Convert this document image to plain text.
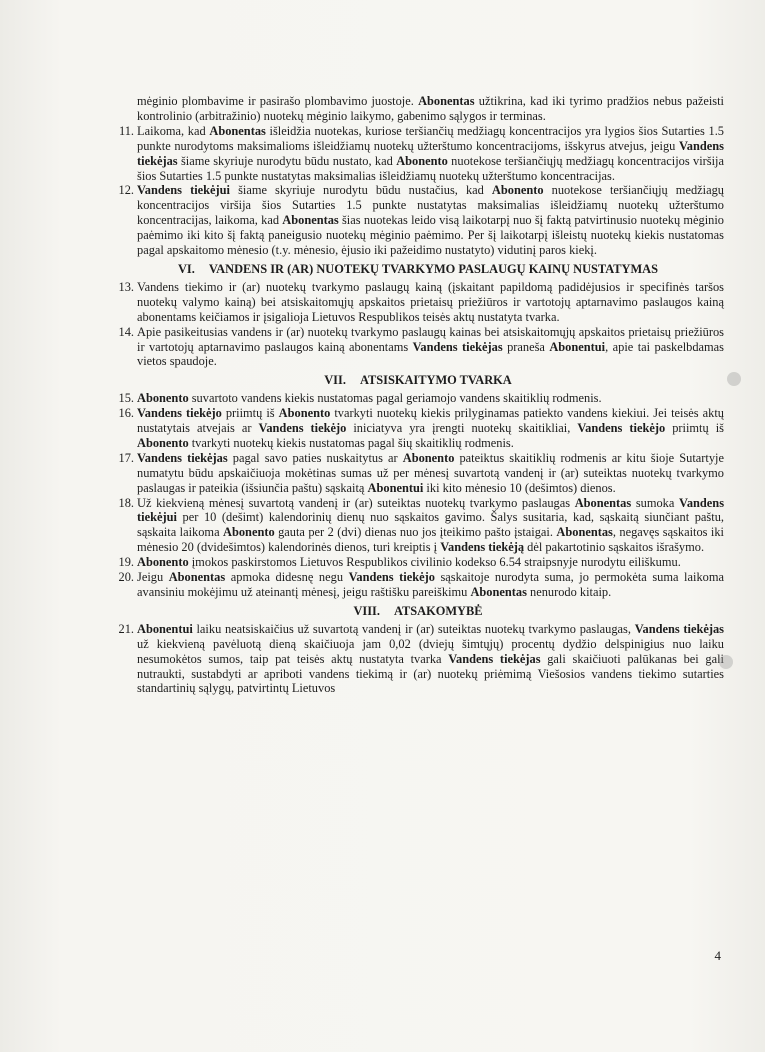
mėginio plombavime ir pasirašo plombavimo juostoje. Abonentas užtikrina, kad iki tyrimo pradžios nebus pažeisti kontrolinio (arbitražinio) nuotekų mėginio laikymo, gabenimo sąlygos ir terminas.
11. Laikoma, kad Abonentas išleidžia nuotekas, kuriose teršiančių medžiagų koncentracijos yra lygios šios Sutarties 1.5 punkte nurodytoms maksimalioms išleidžiamų nuotekų užterštumo koncentracijoms, išskyrus atvejus, jeigu Vandens tiekėjas šiame skyriuje nurodytu būdu nustato, kad Abonento nuotekose teršiančiųjų medžiagų koncentracijos viršija šios Sutarties 1.5 punkte nustatytas maksimalias išleidžiamų nuotekų užterštumo koncentracijas.
12. Vandens tiekėjui šiame skyriuje nurodytu būdu nustačius, kad Abonento nuotekose teršiančiųjų medžiagų koncentracijos viršija šios Sutarties 1.5 punkte nustatytas maksimalias išleidžiamų nuotekų užterštumo koncentracijas, laikoma, kad Abonentas šias nuotekas leido visą laikotarpį nuo šį faktą patvirtinusio nuotekų mėginio paėmimo iki kito šį faktą paneigusio nuotekų mėginio paėmimo. Per šį laikotarpį išleistų nuotekų kiekis nustatomas pagal apskaitomo mėnesio (t.y. mėnesio, ėjusio iki pažeidimo nustatyto) vidutinį paros kiekį.
VI. VANDENS IR (AR) NUOTEKŲ TVARKYMO PASLAUGŲ KAINŲ NUSTATYMAS
13. Vandens tiekimo ir (ar) nuotekų tvarkymo paslaugų kainą (įskaitant papildomą padidėjusios ir specifinės taršos nuotekų valymo kainą) bei atsiskaitomųjų apskaitos prietaisų priežiūros ir vartotojų aptarnavimo paslaugos kainą abonentams keičiamos ir įsigalioja Lietuvos Respublikos teisės aktų nustatyta tvarka.
14. Apie pasikeitusias vandens ir (ar) nuotekų tvarkymo paslaugų kainas bei atsiskaitomųjų apskaitos prietaisų priežiūros ir vartotojų aptarnavimo paslaugos kainą abonentams Vandens tiekėjas praneša Abonentui, apie tai paskelbdamas vietos spaudoje.
VII. ATSISKAITYMO TVARKA
15. Abonento suvartoto vandens kiekis nustatomas pagal geriamojo vandens skaitiklių rodmenis.
16. Vandens tiekėjo priimtų iš Abonento tvarkyti nuotekų kiekis prilyginamas patiekto vandens kiekiui. Jei teisės aktų nustatytais atvejais ar Vandens tiekėjo iniciatyva yra įrengti nuotekų skaitikliai, Vandens tiekėjo priimtų iš Abonento tvarkyti nuotekų kiekis nustatomas pagal šių skaitiklių rodmenis.
17. Vandens tiekėjas pagal savo paties nuskaitytus ar Abonento pateiktus skaitiklių rodmenis ar kitu šioje Sutartyje numatytu būdu apskaičiuoja mokėtinas sumas už per mėnesį suvartotą vandenį ir (ar) suteiktas nuotekų tvarkymo paslaugas ir pateikia (išsiunčia paštu) sąskaitą Abonentui iki kito mėnesio 10 (dešimtos) dienos.
18. Už kiekvieną mėnesį suvartotą vandenį ir (ar) suteiktas nuotekų tvarkymo paslaugas Abonentas sumoka Vandens tiekėjui per 10 (dešimt) kalendorinių dienų nuo sąskaitos gavimo. Šalys susitaria, kad, sąskaitą siunčiant paštu, sąskaita laikoma Abonento gauta per 2 (dvi) dienas nuo jos įteikimo pašto įstaigai. Abonentas, negavęs sąskaitos iki mėnesio 20 (dvidešimtos) kalendorinės dienos, turi kreiptis į Vandens tiekėją dėl pakartotinio sąskaitos išrašymo.
19. Abonento įmokos paskirstomos Lietuvos Respublikos civilinio kodekso 6.54 straipsnyje nurodytu eiliškumu.
20. Jeigu Abonentas apmoka didesnę negu Vandens tiekėjo sąskaitoje nurodyta suma, jo permokėta suma laikoma avansiniu mokėjimu už ateinantį mėnesį, jeigu raštišku pareiškimu Abonentas nenurodo kitaip.
VIII. ATSAKOMYBĖ
21. Abonentui laiku neatsiskaičius už suvartotą vandenį ir (ar) suteiktas nuotekų tvarkymo paslaugas, Vandens tiekėjas už kiekvieną pavėluotą dieną skaičiuoja jam 0,02 (dviejų šimtųjų) procentų dydžio delspinigius nuo laiku nesumokėtos sumos, taip pat teisės aktų nustatyta tvarka Vandens tiekėjas gali skaičiuoti palūkanas bei gali nutraukti, sustabdyti ar apriboti vandens tiekimą ir (ar) nuotekų priėmimą Viešosios vandens tiekimo sutarties standartinių sąlygų, patvirtintų Lietuvos
4
